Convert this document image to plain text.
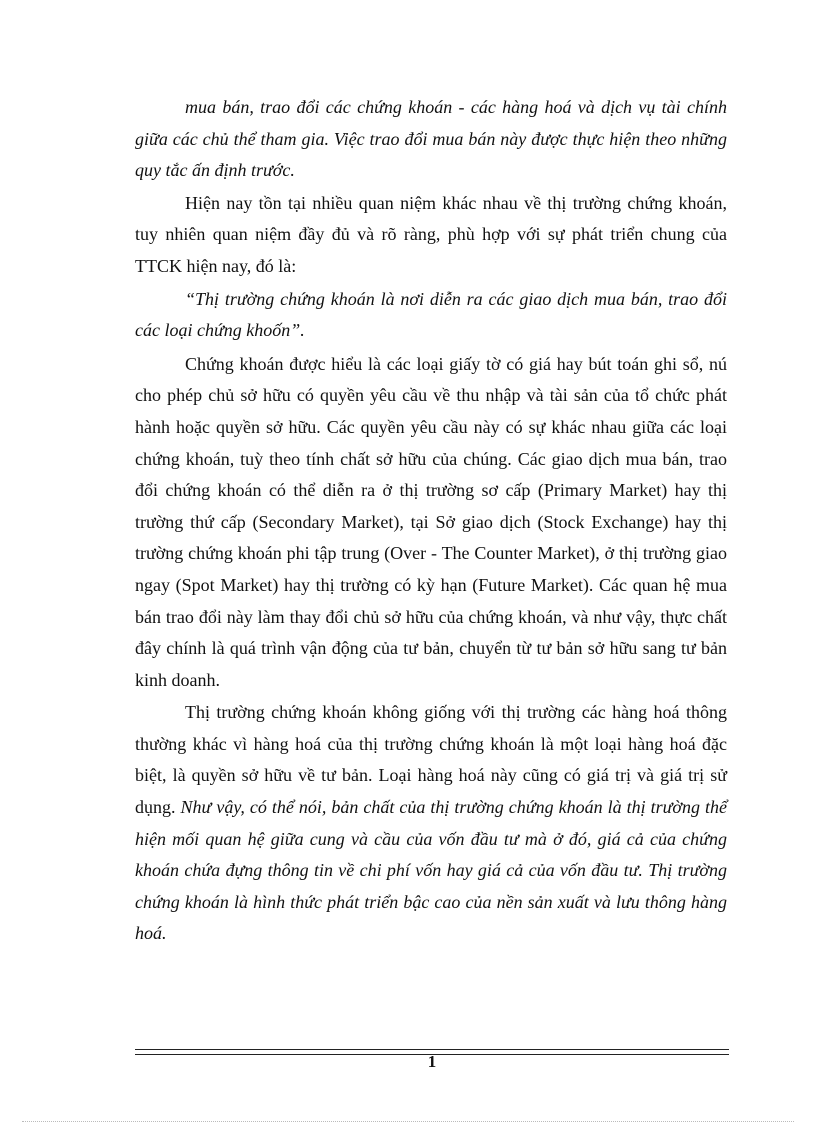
mua bán, trao đổi các chứng khoán - các hàng hoá và dịch vụ tài chính giữa các chủ thể tham gia. Việc trao đổi mua bán này được thực hiện theo những quy tắc ấn định trước.

Hiện nay tồn tại nhiều quan niệm khác nhau về thị trường chứng khoán, tuy nhiên quan niệm đầy đủ và rõ ràng, phù hợp với sự phát triển chung của TTCK hiện nay, đó là:

“Thị trường chứng khoán là nơi diễn ra các giao dịch mua bán, trao đổi các loại chứng khoốn”.

Chứng khoán được hiểu là các loại giấy tờ có giá hay bút toán ghi sổ, nú cho phép chủ sở hữu có quyền yêu cầu về thu nhập và tài sản của tổ chức phát hành hoặc quyền sở hữu. Các quyền yêu cầu này có sự khác nhau giữa các loại chứng khoán, tuỳ theo tính chất sở hữu của chúng. Các giao dịch mua bán, trao đổi chứng khoán có thể diễn ra ở thị trường sơ cấp (Primary Market) hay thị trường thứ cấp (Secondary Market), tại Sở giao dịch (Stock Exchange) hay thị trường chứng khoán phi tập trung (Over - The Counter Market), ở thị trường giao ngay (Spot Market) hay thị trường có kỳ hạn (Future Market). Các quan hệ mua bán trao đổi này làm thay đổi chủ sở hữu của chứng khoán, và như vậy, thực chất đây chính là quá trình vận động của tư bản, chuyển từ tư bản sở hữu sang tư bản kinh doanh.

Thị trường chứng khoán không giống với thị trường các hàng hoá thông thường khác vì hàng hoá của thị trường chứng khoán là một loại hàng hoá đặc biệt, là quyền sở hữu về tư bản. Loại hàng hoá này cũng có giá trị và giá trị sử dụng. Như vậy, có thể nói, bản chất của thị trường chứng khoán là thị trường thể hiện mối quan hệ giữa cung và cầu của vốn đầu tư mà ở đó, giá cả của chứng khoán chứa đựng thông tin về chi phí vốn hay giá cả của vốn đầu tư. Thị trường chứng khoán là hình thức phát triển bậc cao của nền sản xuất và lưu thông hàng hoá.

1
